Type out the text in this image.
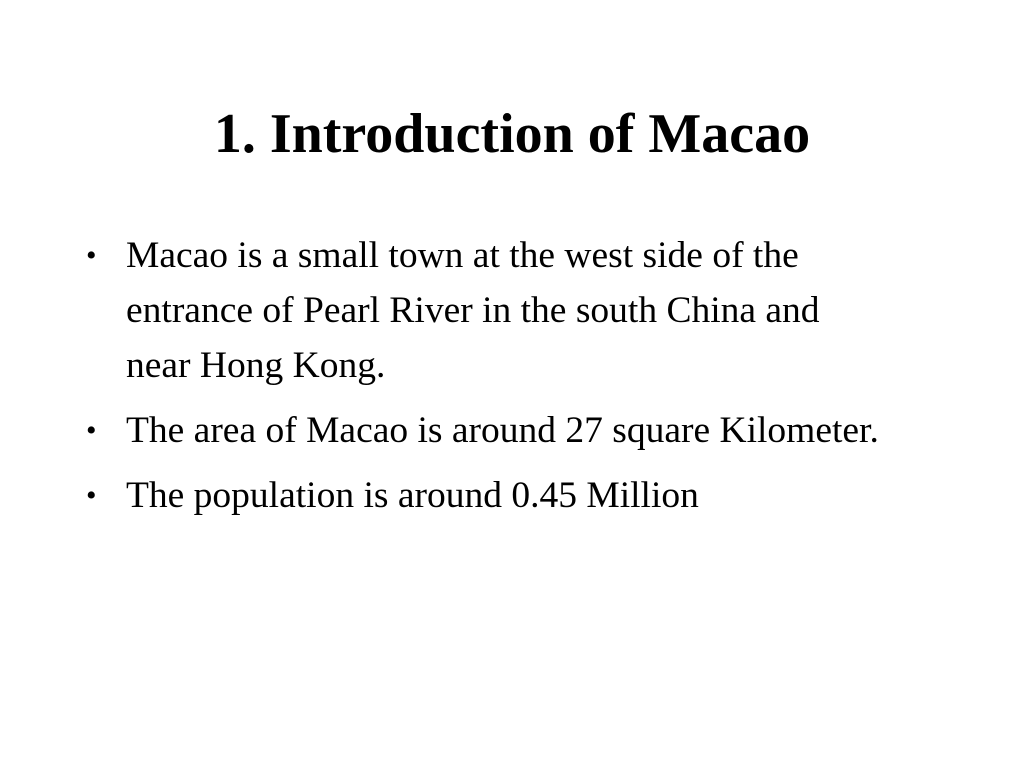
1. Introduction of Macao
• Macao is a small town at the west side of the entrance of Pearl River in the south China and near Hong Kong.
• The area of Macao is around 27 square Kilometer.
• The population is around 0.45 Million
